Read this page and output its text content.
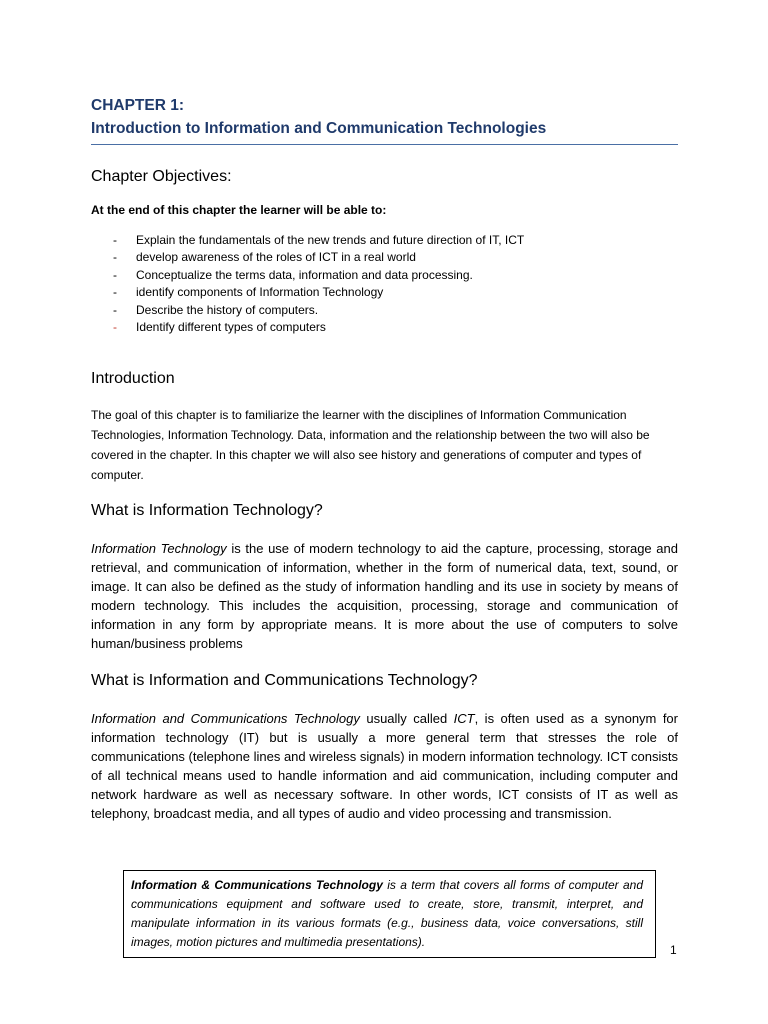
CHAPTER 1:
Introduction to Information and Communication Technologies
Chapter Objectives:
At the end of this chapter the learner will be able to:
- Explain the fundamentals of the new trends and future direction of IT, ICT
- develop awareness of the roles of ICT in a real world
- Conceptualize the terms data, information and data processing.
- identify components of Information Technology
- Describe the history of computers.
- Identify different types of computers
Introduction
The goal of this chapter is to familiarize the learner with the disciplines of Information Communication Technologies, Information Technology. Data, information and the relationship between the two will also be covered in the chapter. In this chapter we will also see history and generations of computer and types of computer.
What is Information Technology?
Information Technology is the use of modern technology to aid the capture, processing, storage and retrieval, and communication of information, whether in the form of numerical data, text, sound, or image. It can also be defined as the study of information handling and its use in society by means of modern technology. This includes the acquisition, processing, storage and communication of information in any form by appropriate means. It is more about the use of computers to solve human/business problems
What is Information and Communications Technology?
Information and Communications Technology usually called ICT, is often used as a synonym for information technology (IT) but is usually a more general term that stresses the role of communications (telephone lines and wireless signals) in modern information technology. ICT consists of all technical means used to handle information and aid communication, including computer and network hardware as well as necessary software. In other words, ICT consists of IT as well as telephony, broadcast media, and all types of audio and video processing and transmission.
Information & Communications Technology is a term that covers all forms of computer and communications equipment and software used to create, store, transmit, interpret, and manipulate information in its various formats (e.g., business data, voice conversations, still images, motion pictures and multimedia presentations).
1
